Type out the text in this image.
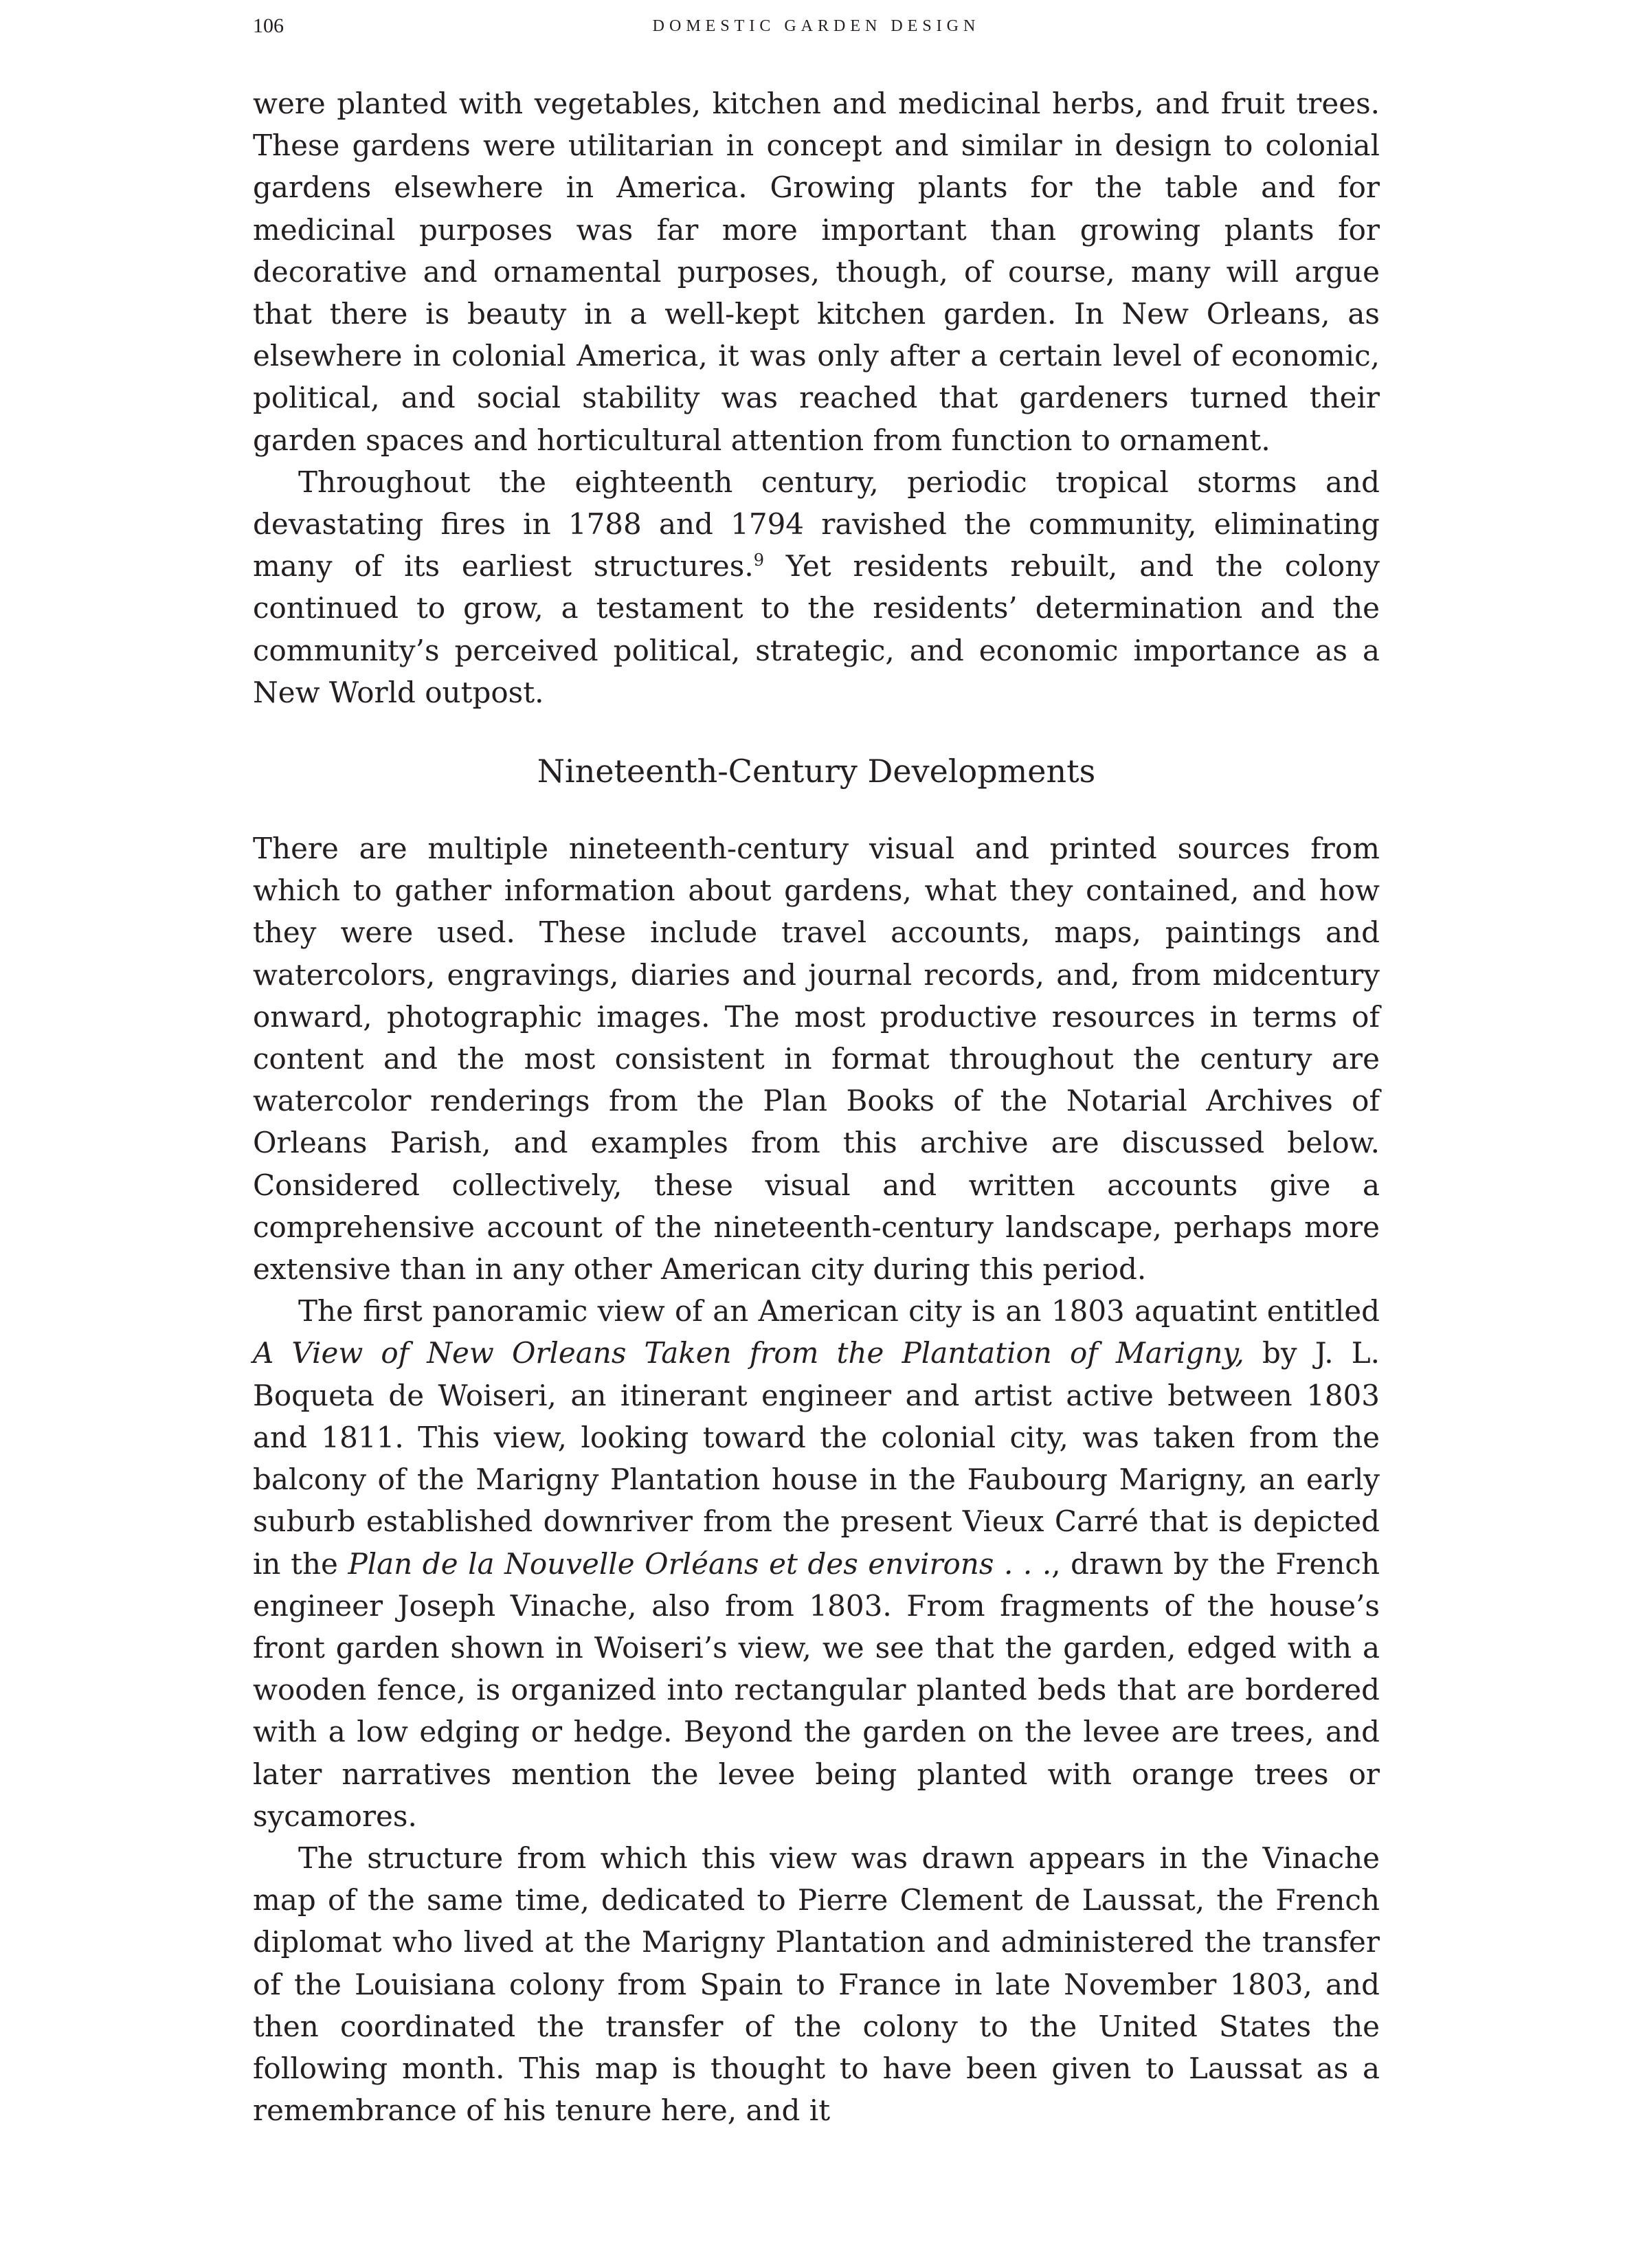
106	DOMESTIC GARDEN DESIGN

were planted with vegetables, kitchen and medicinal herbs, and fruit trees. These gardens were utilitarian in concept and similar in design to colonial gardens elsewhere in America. Growing plants for the table and for medicinal purposes was far more important than growing plants for decorative and ornamental purposes, though, of course, many will argue that there is beauty in a well-kept kitchen garden. In New Orleans, as elsewhere in colonial America, it was only after a certain level of economic, political, and social stability was reached that gardeners turned their garden spaces and horticultural attention from function to ornament.

Throughout the eighteenth century, periodic tropical storms and devastating fires in 1788 and 1794 ravished the community, eliminating many of its earliest structures.$^9$ Yet residents rebuilt, and the colony continued to grow, a testament to the residents’ determination and the community’s perceived political, strategic, and economic importance as a New World outpost.

Nineteenth-Century Developments

There are multiple nineteenth-century visual and printed sources from which to gather information about gardens, what they contained, and how they were used. These include travel accounts, maps, paintings and watercolors, engravings, diaries and journal records, and, from midcentury onward, photographic images. The most productive resources in terms of content and the most consistent in format throughout the century are watercolor renderings from the Plan Books of the Notarial Archives of Orleans Parish, and examples from this archive are discussed below. Considered collectively, these visual and written accounts give a comprehensive account of the nineteenth-century landscape, perhaps more extensive than in any other American city during this period.

The first panoramic view of an American city is an 1803 aquatint entitled A View of New Orleans Taken from the Plantation of Marigny, by J. L. Boqueta de Woiseri, an itinerant engineer and artist active between 1803 and 1811. This view, looking toward the colonial city, was taken from the balcony of the Marigny Plantation house in the Faubourg Marigny, an early suburb established downriver from the present Vieux Carré that is depicted in the Plan de la Nouvelle Orléans et des environs . . ., drawn by the French engineer Joseph Vinache, also from 1803. From fragments of the house’s front garden shown in Woiseri’s view, we see that the garden, edged with a wooden fence, is organized into rectangular planted beds that are bordered with a low edging or hedge. Beyond the garden on the levee are trees, and later narratives mention the levee being planted with orange trees or sycamores.

The structure from which this view was drawn appears in the Vinache map of the same time, dedicated to Pierre Clement de Laussat, the French diplomat who lived at the Marigny Plantation and administered the transfer of the Louisiana colony from Spain to France in late November 1803, and then coordinated the transfer of the colony to the United States the following month. This map is thought to have been given to Laussat as a remembrance of his tenure here, and it
